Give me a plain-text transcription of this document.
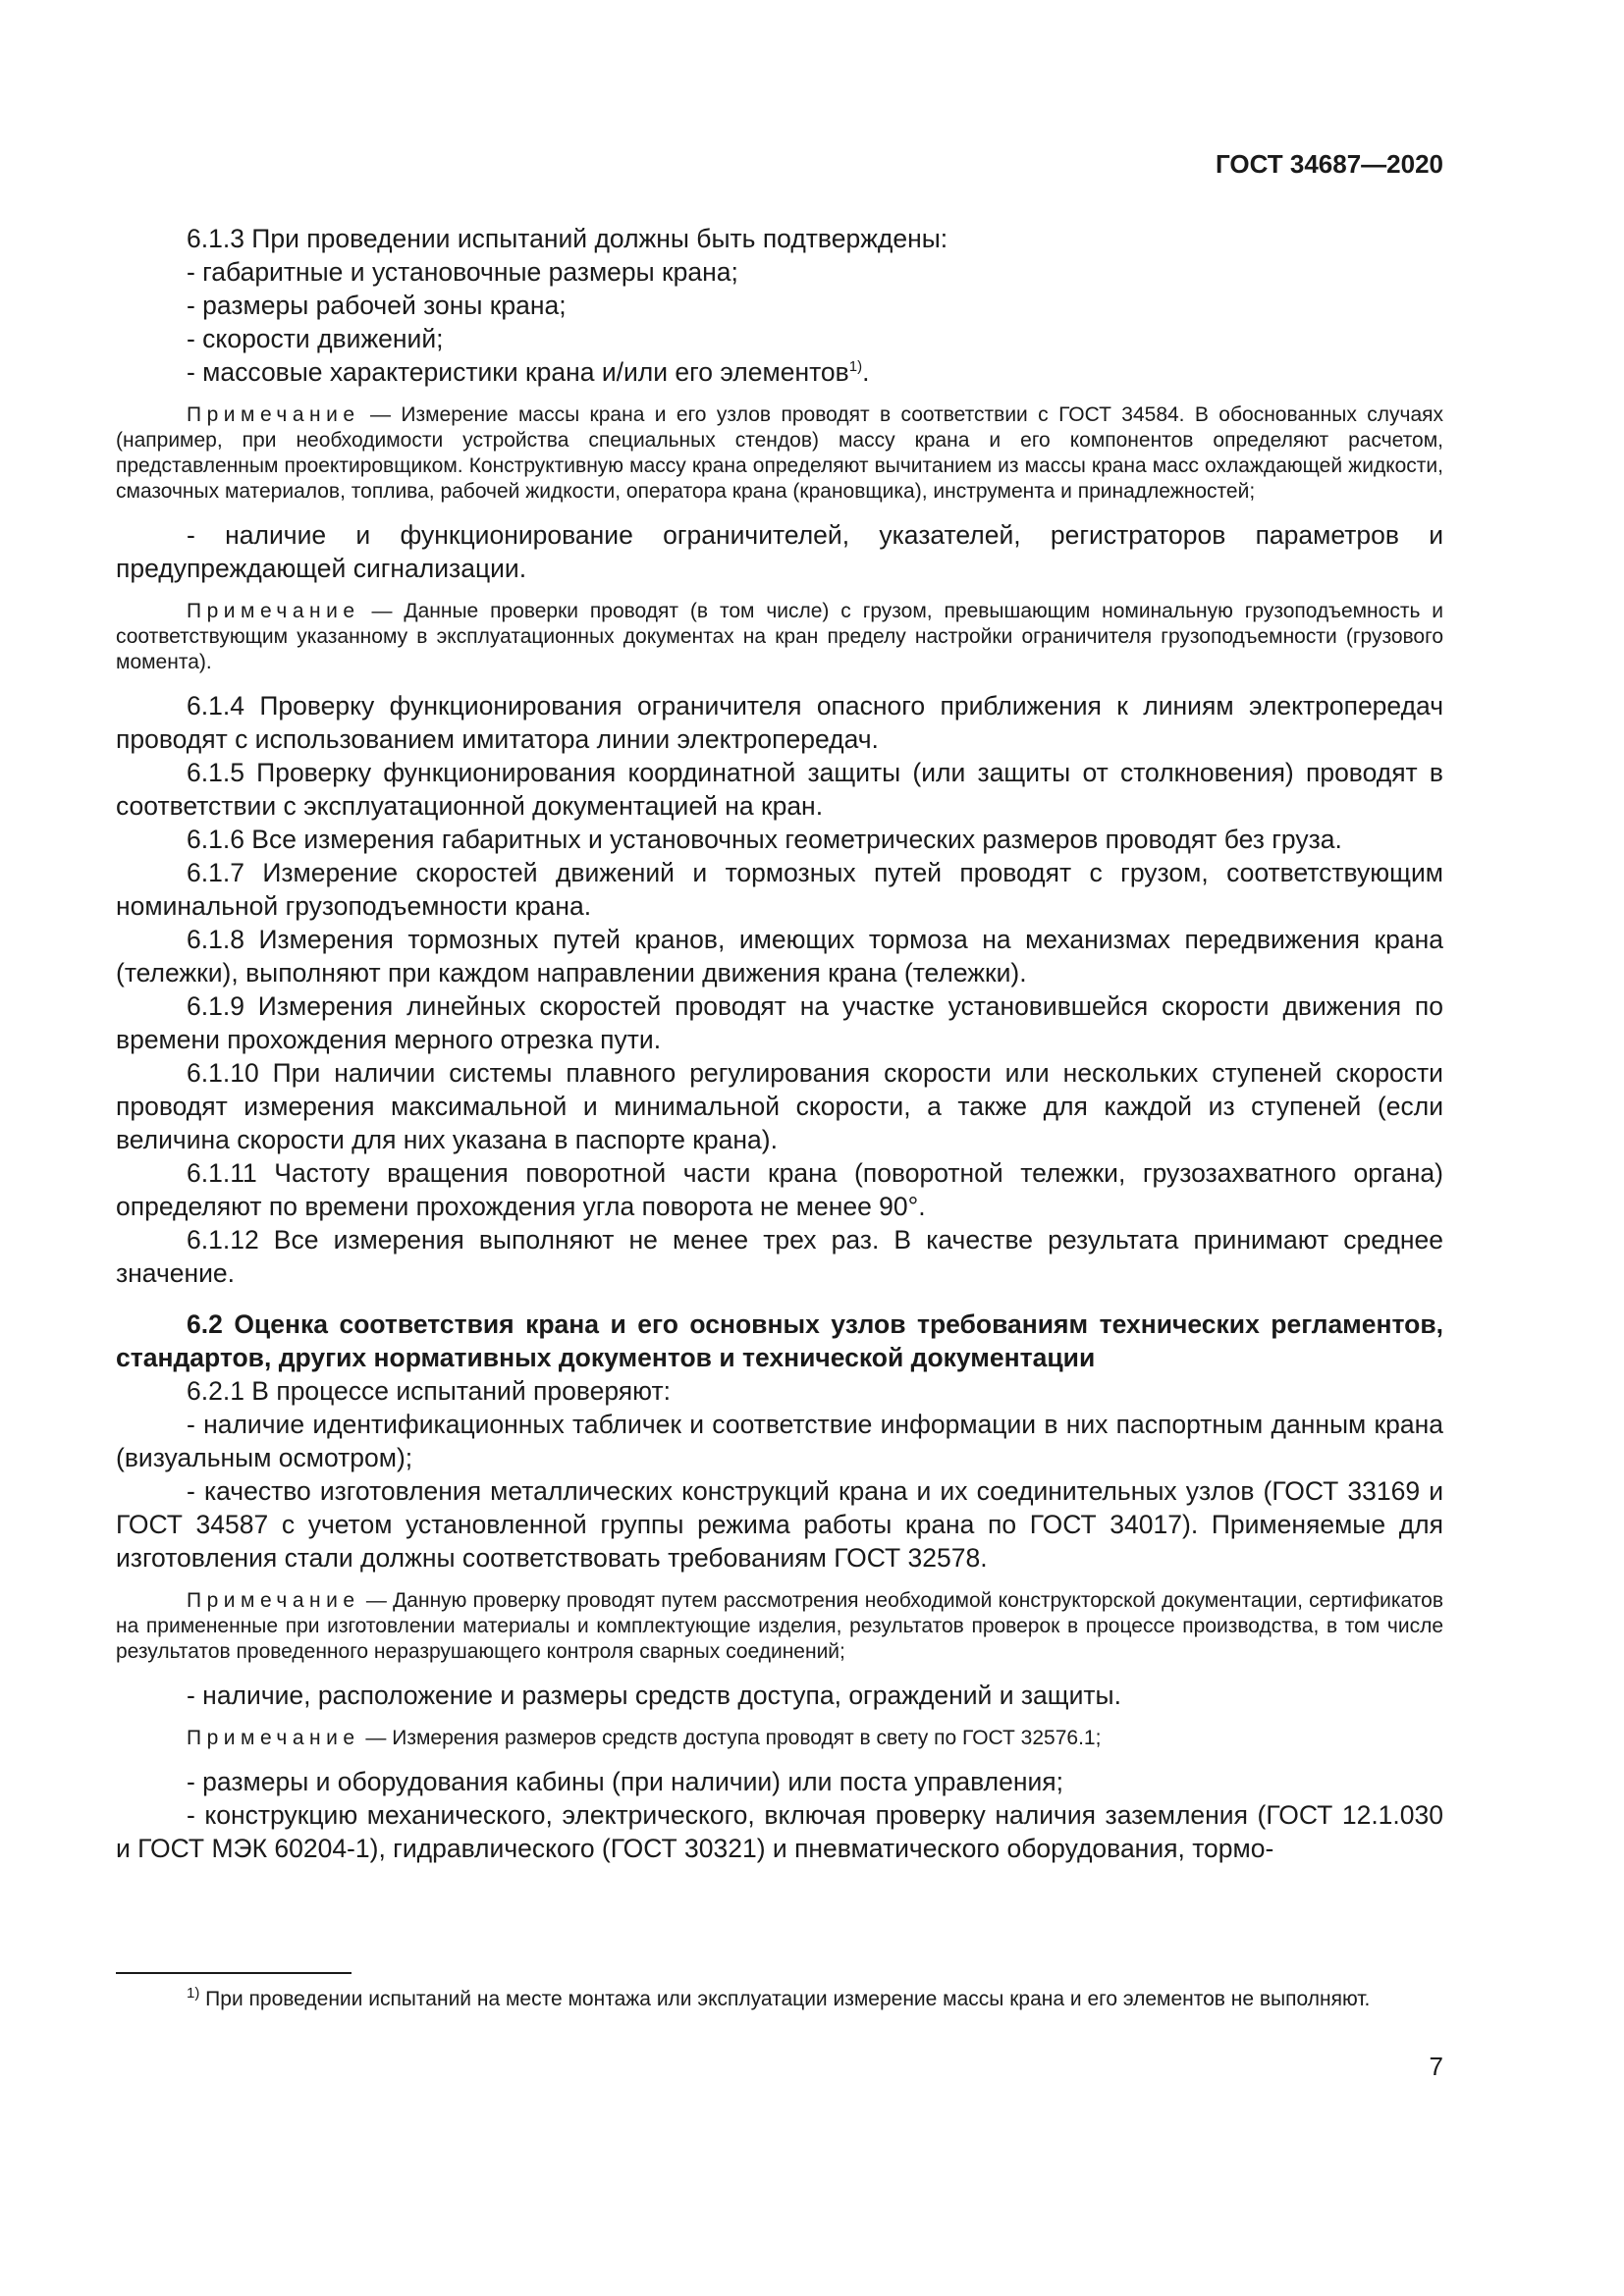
ГОСТ 34687—2020

6.1.3 При проведении испытаний должны быть подтверждены:

- габаритные и установочные размеры крана;

- размеры рабочей зоны крана;

- скорости движений;

- массовые характеристики крана и/или его элементов$^{1)}$.

Примечание — Измерение массы крана и его узлов проводят в соответствии с ГОСТ 34584. В обоснованных случаях (например, при необходимости устройства специальных стендов) массу крана и его компонентов определяют расчетом, представленным проектировщиком. Конструктивную массу крана определяют вычитанием из массы крана масс охлаждающей жидкости, смазочных материалов, топлива, рабочей жидкости, оператора крана (крановщика), инструмента и принадлежностей;

- наличие и функционирование ограничителей, указателей, регистраторов параметров и предупреждающей сигнализации.

Примечание — Данные проверки проводят (в том числе) с грузом, превышающим номинальную грузоподъемность и соответствующим указанному в эксплуатационных документах на кран пределу настройки ограничителя грузоподъемности (грузового момента).

6.1.4 Проверку функционирования ограничителя опасного приближения к линиям электропередач проводят с использованием имитатора линии электропередач.

6.1.5 Проверку функционирования координатной защиты (или защиты от столкновения) проводят в соответствии с эксплуатационной документацией на кран.

6.1.6 Все измерения габаритных и установочных геометрических размеров проводят без груза.

6.1.7 Измерение скоростей движений и тормозных путей проводят с грузом, соответствующим номинальной грузоподъемности крана.

6.1.8 Измерения тормозных путей кранов, имеющих тормоза на механизмах передвижения крана (тележки), выполняют при каждом направлении движения крана (тележки).

6.1.9 Измерения линейных скоростей проводят на участке установившейся скорости движения по времени прохождения мерного отрезка пути.

6.1.10 При наличии системы плавного регулирования скорости или нескольких ступеней скорости проводят измерения максимальной и минимальной скорости, а также для каждой из ступеней (если величина скорости для них указана в паспорте крана).

6.1.11 Частоту вращения поворотной части крана (поворотной тележки, грузозахватного органа) определяют по времени прохождения угла поворота не менее 90°.

6.1.12 Все измерения выполняют не менее трех раз. В качестве результата принимают среднее значение.

6.2 Оценка соответствия крана и его основных узлов требованиям технических регламентов, стандартов, других нормативных документов и технической документации

6.2.1 В процессе испытаний проверяют:

- наличие идентификационных табличек и соответствие информации в них паспортным данным крана (визуальным осмотром);

- качество изготовления металлических конструкций крана и их соединительных узлов (ГОСТ 33169 и ГОСТ 34587 с учетом установленной группы режима работы крана по ГОСТ 34017). Применяемые для изготовления стали должны соответствовать требованиям ГОСТ 32578.

Примечание — Данную проверку проводят путем рассмотрения необходимой конструкторской документации, сертификатов на примененные при изготовлении материалы и комплектующие изделия, результатов проверок в процессе производства, в том числе результатов проведенного неразрушающего контроля сварных соединений;

- наличие, расположение и размеры средств доступа, ограждений и защиты.

Примечание — Измерения размеров средств доступа проводят в свету по ГОСТ 32576.1;

- размеры и оборудования кабины (при наличии) или поста управления;

- конструкцию механического, электрического, включая проверку наличия заземления (ГОСТ 12.1.030 и ГОСТ МЭК 60204-1), гидравлического (ГОСТ 30321) и пневматического оборудования, тормо-

$^{1)}$ При проведении испытаний на месте монтажа или эксплуатации измерение массы крана и его элементов не выполняют.

7
